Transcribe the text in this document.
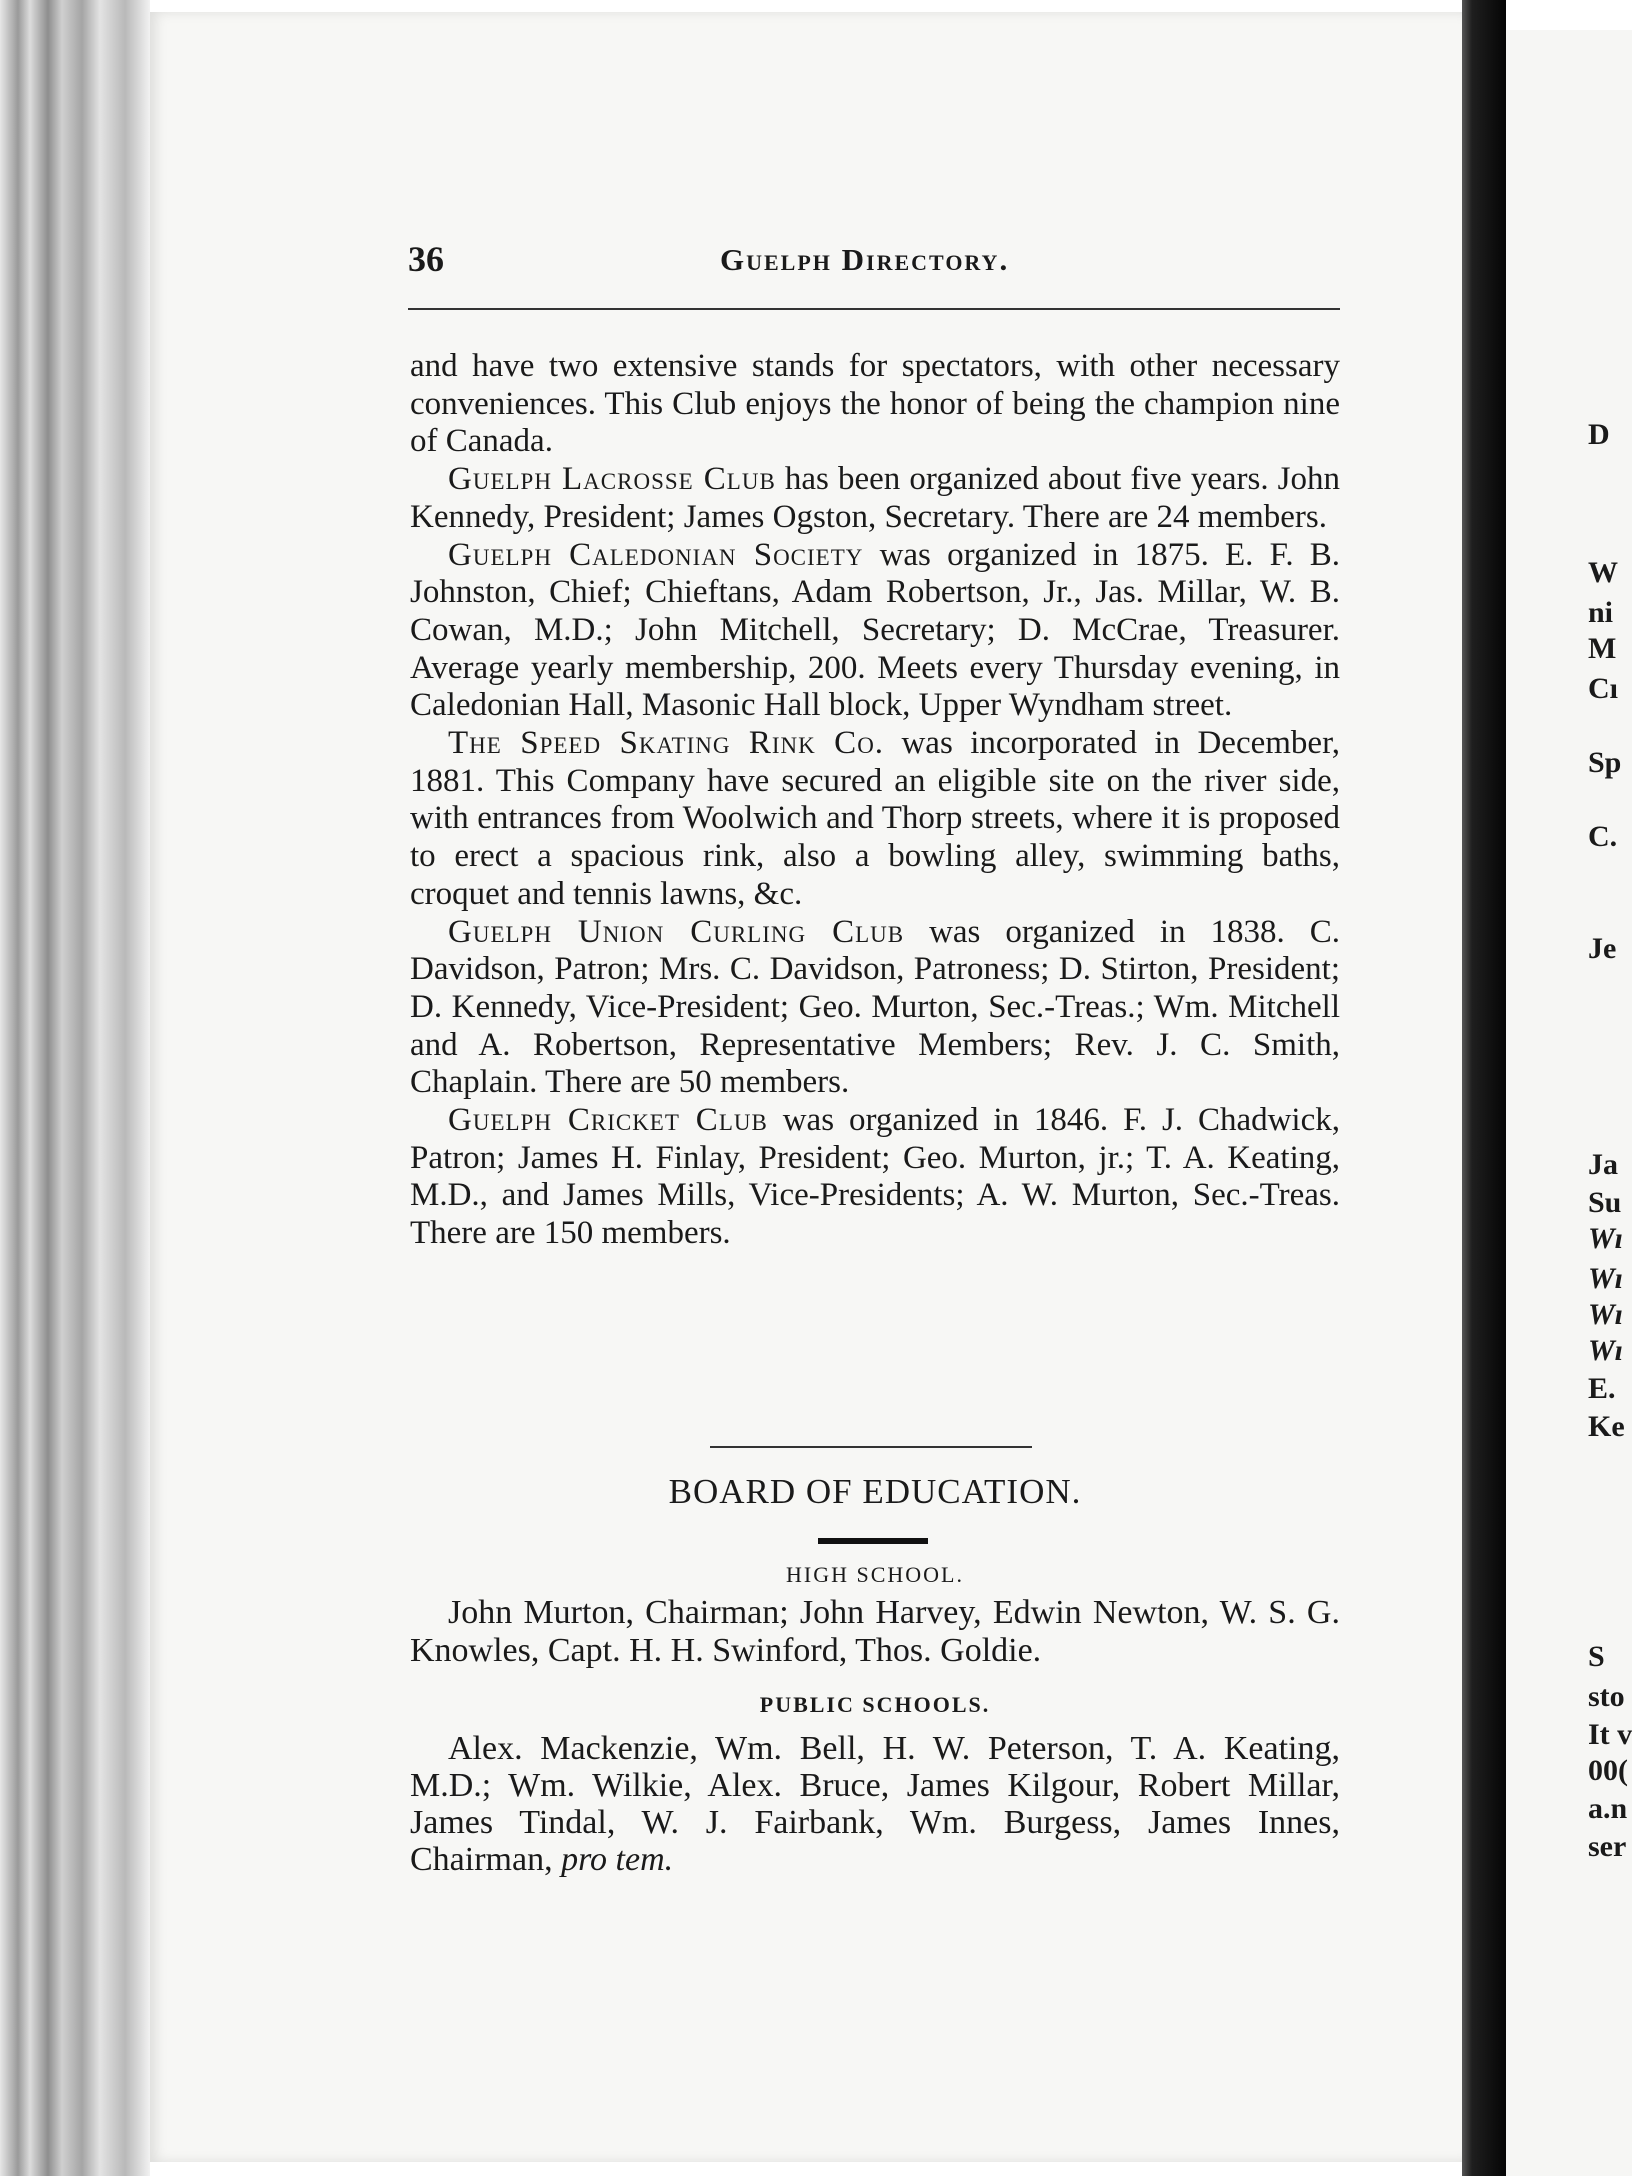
D
W
ni
M
Cı
Sp
C.
Je
Ja
Su
Wı
Wı
Wı
Wı
E.
Ke
S
sto
It v
00(
a.n
ser
36	Guelph Directory.

and have two extensive stands for spectators, with other necessary conveniences. This Club enjoys the honor of being the champion nine of Canada.

Guelph Lacrosse Club has been organized about five years. John Kennedy, President; James Ogston, Secretary. There are 24 members.

Guelph Caledonian Society was organized in 1875. E. F. B. Johnston, Chief; Chieftans, Adam Robertson, Jr., Jas. Millar, W. B. Cowan, M.D.; John Mitchell, Secretary; D. McCrae, Treasurer. Average yearly membership, 200. Meets every Thursday evening, in Caledonian Hall, Masonic Hall block, Upper Wyndham street.

The Speed Skating Rink Co. was incorporated in December, 1881. This Company have secured an eligible site on the river side, with entrances from Woolwich and Thorp streets, where it is proposed to erect a spacious rink, also a bowling alley, swimming baths, croquet and tennis lawns, &c.

Guelph Union Curling Club was organized in 1838. C. Davidson, Patron; Mrs. C. Davidson, Patroness; D. Stirton, President; D. Kennedy, Vice-President; Geo. Murton, Sec.-Treas.; Wm. Mitchell and A. Robertson, Representative Members; Rev. J. C. Smith, Chaplain. There are 50 members.

Guelph Cricket Club was organized in 1846. F. J. Chadwick, Patron; James H. Finlay, President; Geo. Murton, jr.; T. A. Keating, M.D., and James Mills, Vice-Presidents; A. W. Murton, Sec.-Treas. There are 150 members.

BOARD OF EDUCATION.
HIGH SCHOOL.
John Murton, Chairman; John Harvey, Edwin Newton, W. S. G. Knowles, Capt. H. H. Swinford, Thos. Goldie.
PUBLIC SCHOOLS.
Alex. Mackenzie, Wm. Bell, H. W. Peterson, T. A. Keating, M.D.; Wm. Wilkie, Alex. Bruce, James Kilgour, Robert Millar, James Tindal, W. J. Fairbank, Wm. Burgess, James Innes, Chairman, pro tem.
